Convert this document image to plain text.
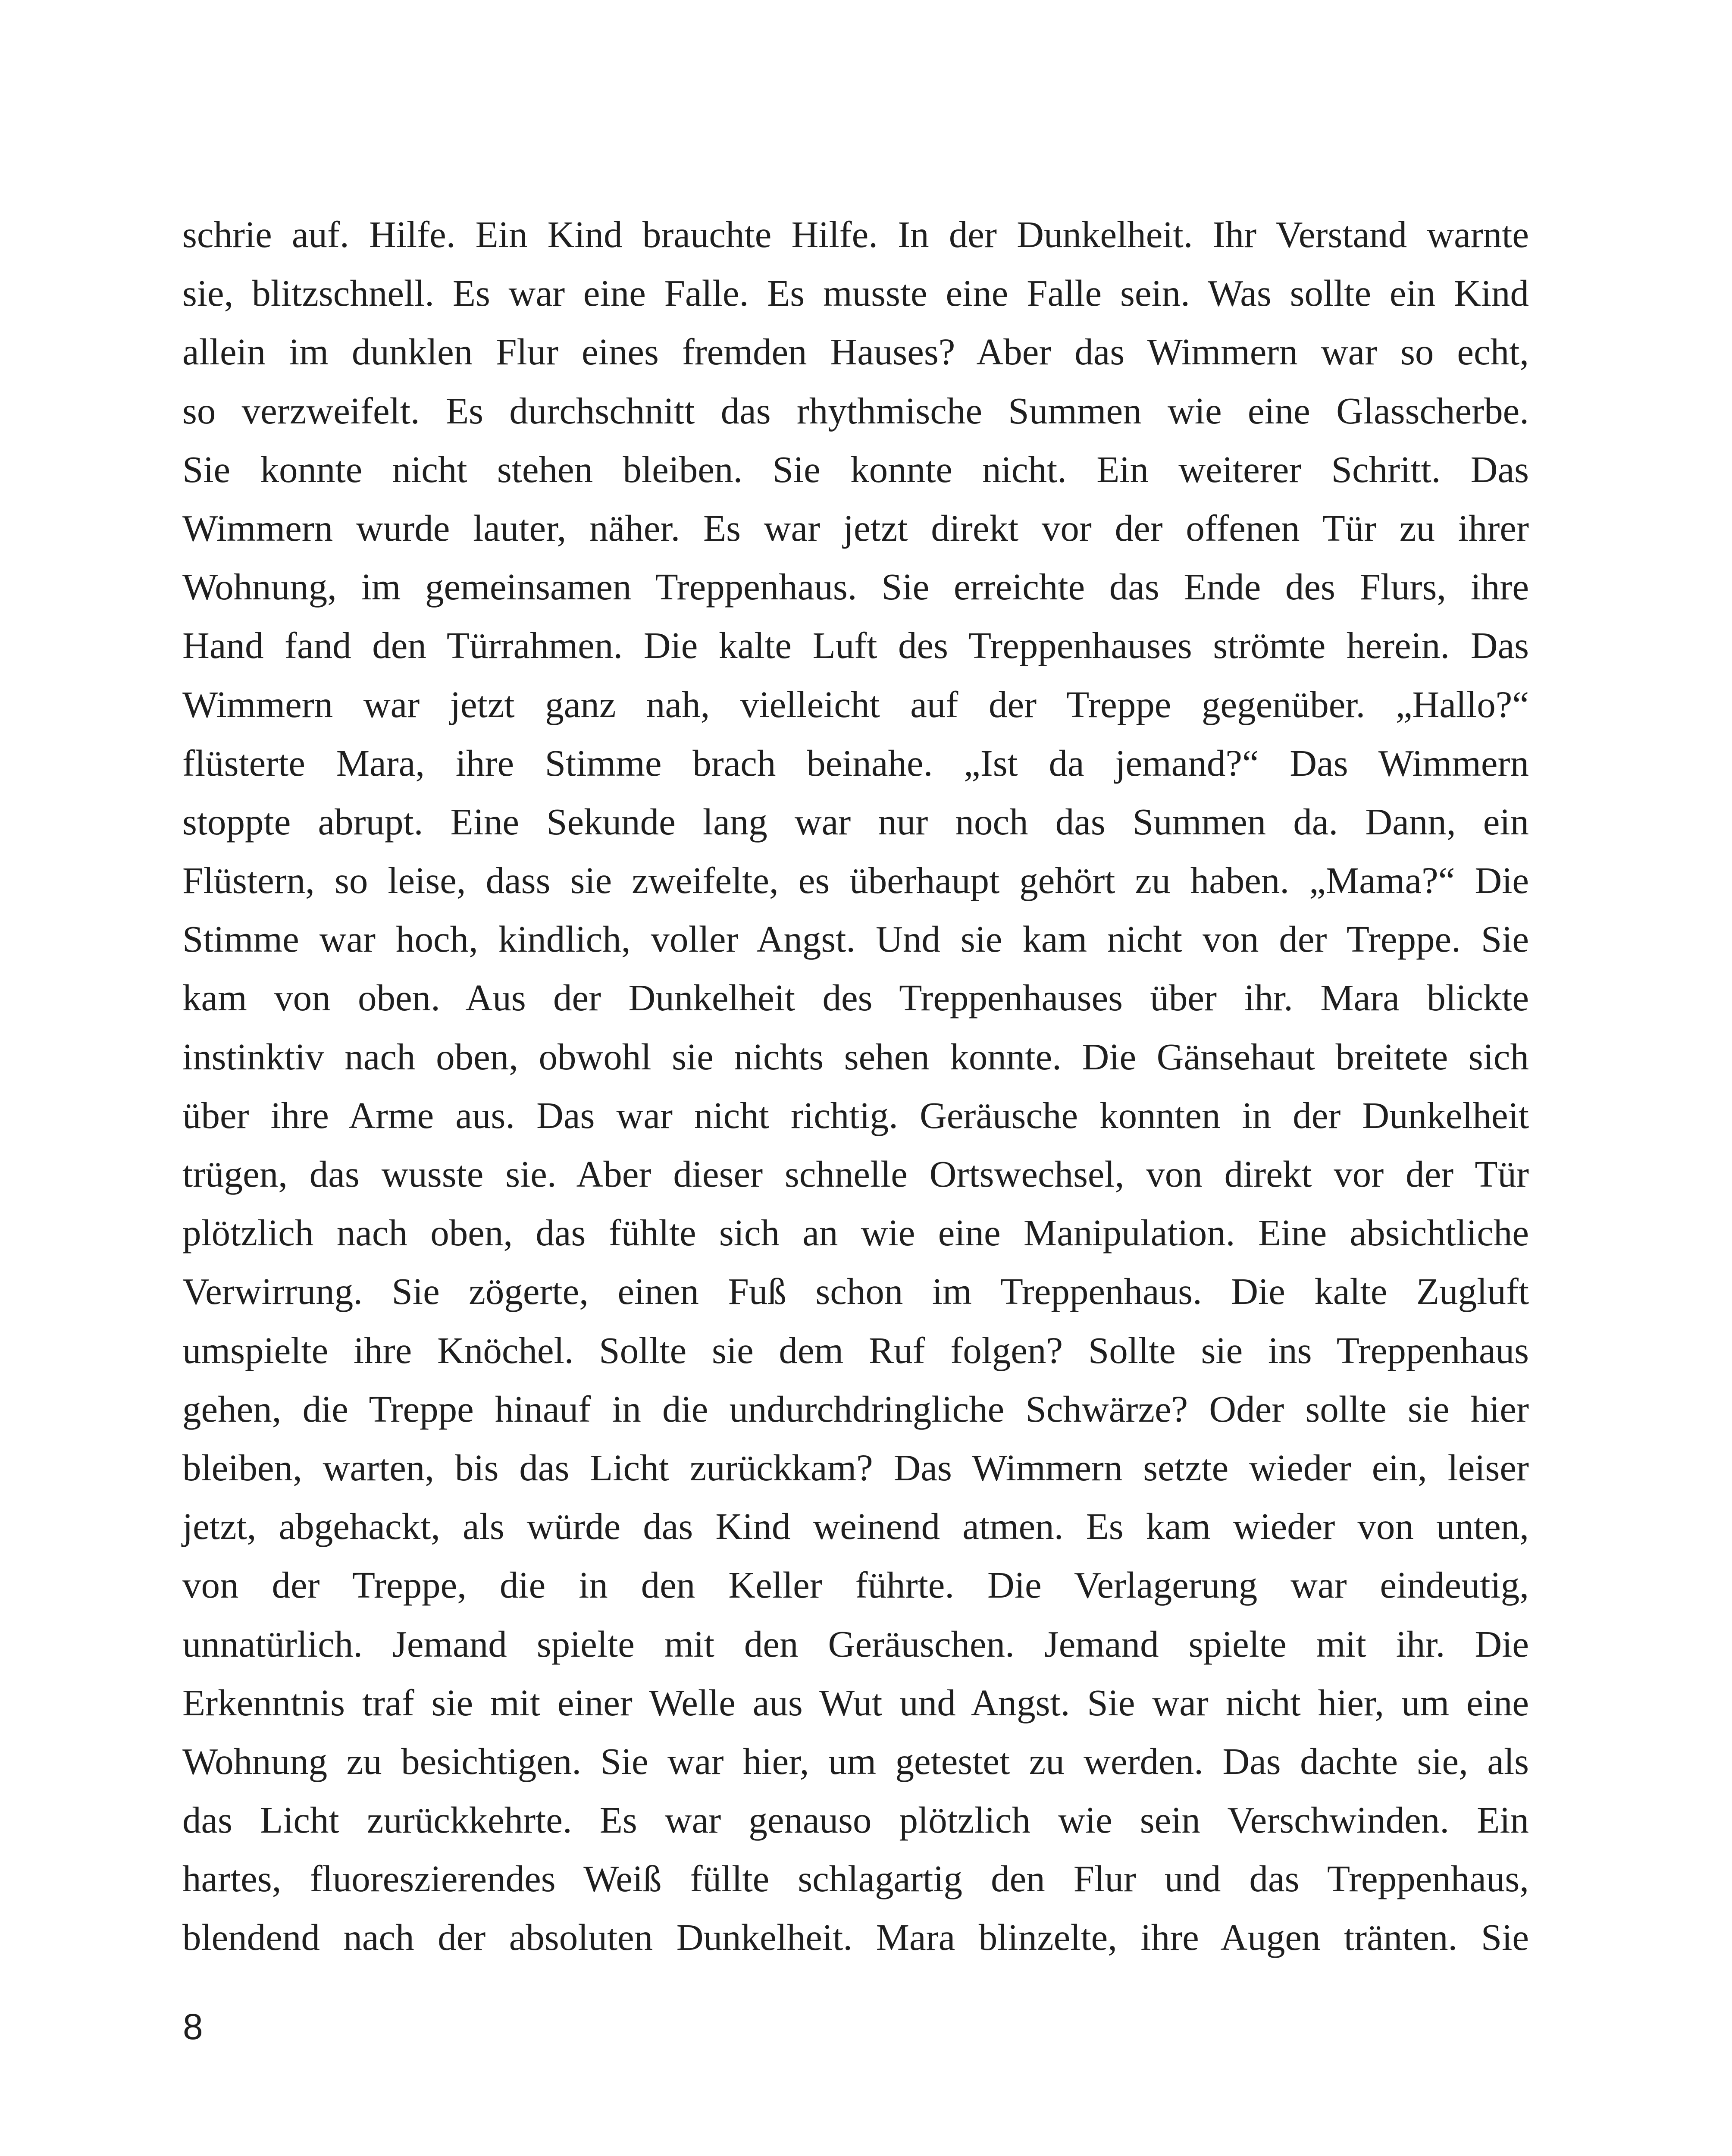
schrie auf. Hilfe. Ein Kind brauchte Hilfe. In der Dunkelheit. Ihr Verstand warnte
sie, blitzschnell. Es war eine Falle. Es musste eine Falle sein. Was sollte ein Kind
allein im dunklen Flur eines fremden Hauses? Aber das Wimmern war so echt,
so verzweifelt. Es durchschnitt das rhythmische Summen wie eine Glasscherbe.
Sie konnte nicht stehen bleiben. Sie konnte nicht. Ein weiterer Schritt. Das
Wimmern wurde lauter, näher. Es war jetzt direkt vor der offenen Tür zu ihrer
Wohnung, im gemeinsamen Treppenhaus. Sie erreichte das Ende des Flurs, ihre
Hand fand den Türrahmen. Die kalte Luft des Treppenhauses strömte herein. Das
Wimmern war jetzt ganz nah, vielleicht auf der Treppe gegenüber. „Hallo?“
flüsterte Mara, ihre Stimme brach beinahe. „Ist da jemand?“ Das Wimmern
stoppte abrupt. Eine Sekunde lang war nur noch das Summen da. Dann, ein
Flüstern, so leise, dass sie zweifelte, es überhaupt gehört zu haben. „Mama?“ Die
Stimme war hoch, kindlich, voller Angst. Und sie kam nicht von der Treppe. Sie
kam von oben. Aus der Dunkelheit des Treppenhauses über ihr. Mara blickte
instinktiv nach oben, obwohl sie nichts sehen konnte. Die Gänsehaut breitete sich
über ihre Arme aus. Das war nicht richtig. Geräusche konnten in der Dunkelheit
trügen, das wusste sie. Aber dieser schnelle Ortswechsel, von direkt vor der Tür
plötzlich nach oben, das fühlte sich an wie eine Manipulation. Eine absichtliche
Verwirrung. Sie zögerte, einen Fuß schon im Treppenhaus. Die kalte Zugluft
umspielte ihre Knöchel. Sollte sie dem Ruf folgen? Sollte sie ins Treppenhaus
gehen, die Treppe hinauf in die undurchdringliche Schwärze? Oder sollte sie hier
bleiben, warten, bis das Licht zurückkam? Das Wimmern setzte wieder ein, leiser
jetzt, abgehackt, als würde das Kind weinend atmen. Es kam wieder von unten,
von der Treppe, die in den Keller führte. Die Verlagerung war eindeutig,
unnatürlich. Jemand spielte mit den Geräuschen. Jemand spielte mit ihr. Die
Erkenntnis traf sie mit einer Welle aus Wut und Angst. Sie war nicht hier, um eine
Wohnung zu besichtigen. Sie war hier, um getestet zu werden. Das dachte sie, als
das Licht zurückkehrte. Es war genauso plötzlich wie sein Verschwinden. Ein
hartes, fluoreszierendes Weiß füllte schlagartig den Flur und das Treppenhaus,
blendend nach der absoluten Dunkelheit. Mara blinzelte, ihre Augen tränten. Sie
8
